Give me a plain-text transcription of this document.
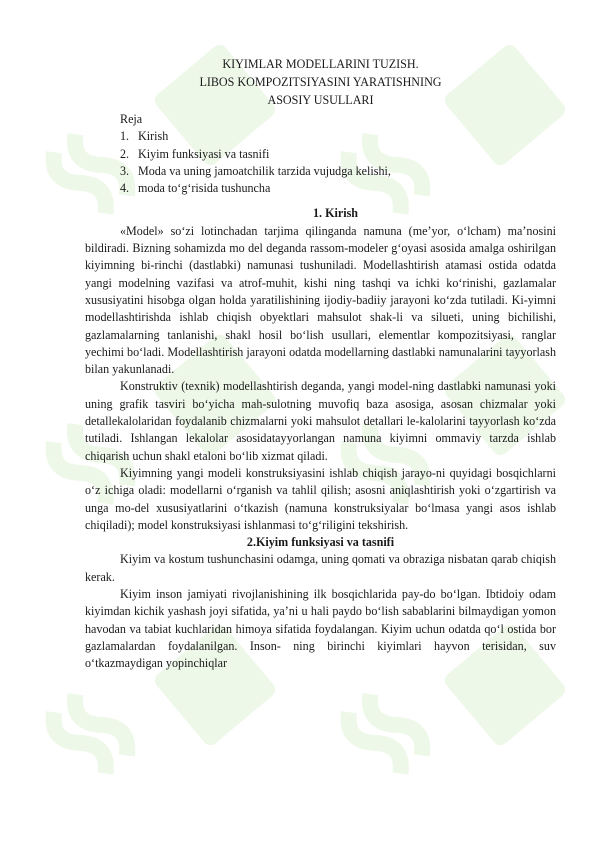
KIYIMLAR MODELLARINI TUZISH.
LIBOS KOMPOZITSIYASINI YARATISHNING
ASOSIY USULLARI
Reja
1. Kirish
2. Kiyim funksiyasi va tasnifi
3. Moda va uning jamoatchilik tarzida vujudga kelishi,
4. moda to‘g‘risida tushuncha
1. Kirish

«Model» so‘zi lotinchadan tarjima qilinganda namuna (me’yor, o‘lcham) ma’nosini bildiradi. Bizning sohamizda mo del deganda rassom-modeler g‘oyasi asosida amalga oshirilgan kiyimning bi-rinchi (dastlabki) namunasi tushuniladi. Modellashtirish atamasi ostida odatda yangi modelning vazifasi va atrof-muhit, kishi ning tashqi va ichki ko‘rinishi, gazlamalar xususiyatini hisobga olgan holda yaratilishining ijodiy-badiiy jarayoni ko‘zda tutiladi. Ki-yimni modellashtirishda ishlab chiqish obyektlari mahsulot shak-li va silueti, uning bichilishi, gazlamalarning tanlanishi, shakl hosil bo‘lish usullari, elementlar kompozitsiyasi, ranglar yechimi bo‘ladi. Modellashtirish jarayoni odatda modellarning dastlabki namunalarini tayyorlash bilan yakunlanadi.

Konstruktiv (texnik) modellashtirish deganda, yangi model-ning dastlabki namunasi yoki uning grafik tasviri bo‘yicha mah-sulotning muvofiq baza asosiga, asosan chizmalar yoki detallekalolaridan foydalanib chizmalarni yoki mahsulot detallari le-kalolarini tayyorlash ko‘zda tutiladi. Ishlangan lekalolar asosidatayyorlangan namuna kiyimni ommaviy tarzda ishlab chiqarish uchun shakl etaloni bo‘lib xizmat qiladi.

Kiyimning yangi modeli konstruksiyasini ishlab chiqish jarayo-ni quyidagi bosqichlarni o‘z ichiga oladi: modellarni o‘rganish va tahlil qilish; asosni aniqlashtirish yoki o‘zgartirish va unga mo-del xususiyatlarini o‘tkazish (namuna konstruksiyalar bo‘lmasa yangi asos ishlab chiqiladi); model konstruksiyasi ishlanmasi to‘g‘riligini tekshirish.

2.Kiyim funksiyasi va tasnifi

Kiyim va kostum tushunchasini odamga, uning qomati va obraziga nisbatan qarab chiqish kerak.

Kiyim inson jamiyati rivojlanishining ilk bosqichlarida pay-do bo‘lgan. Ibtidoiy odam kiyimdan kichik yashash joyi sifatida, ya’ni u hali paydo bo‘lish sabablarini bilmaydigan yomon havodan va tabiat kuchlaridan himoya sifatida foydalangan. Kiyim uchun odatda qo‘l ostida bor gazlamalardan foydalanilgan. Inson- ning birinchi kiyimlari hayvon terisidan, suv o‘tkazmaydigan yopinchiqlar
